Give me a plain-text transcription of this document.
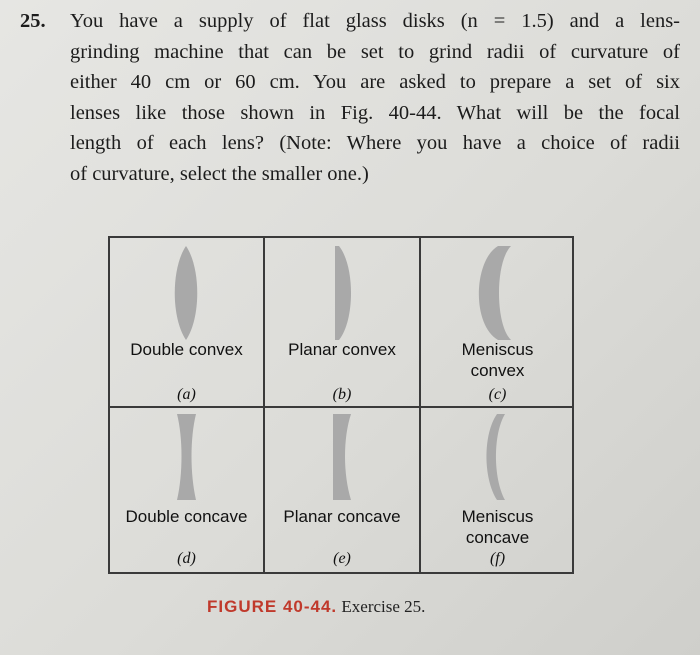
25. You have a supply of flat glass disks (n = 1.5) and a lens-
grinding machine that can be set to grind radii of curvature of
either 40 cm or 60 cm. You are asked to prepare a set of six
lenses like those shown in Fig. 40-44. What will be the focal
length of each lens? (Note: Where you have a choice of radii
of curvature, select the smaller one.)
Double convex
(a)
Planar convex
(b)
Meniscus
convex
(c)
Double concave
(d)
Planar concave
(e)
Meniscus
concave
(f)
FIGURE 40-44. Exercise 25.
